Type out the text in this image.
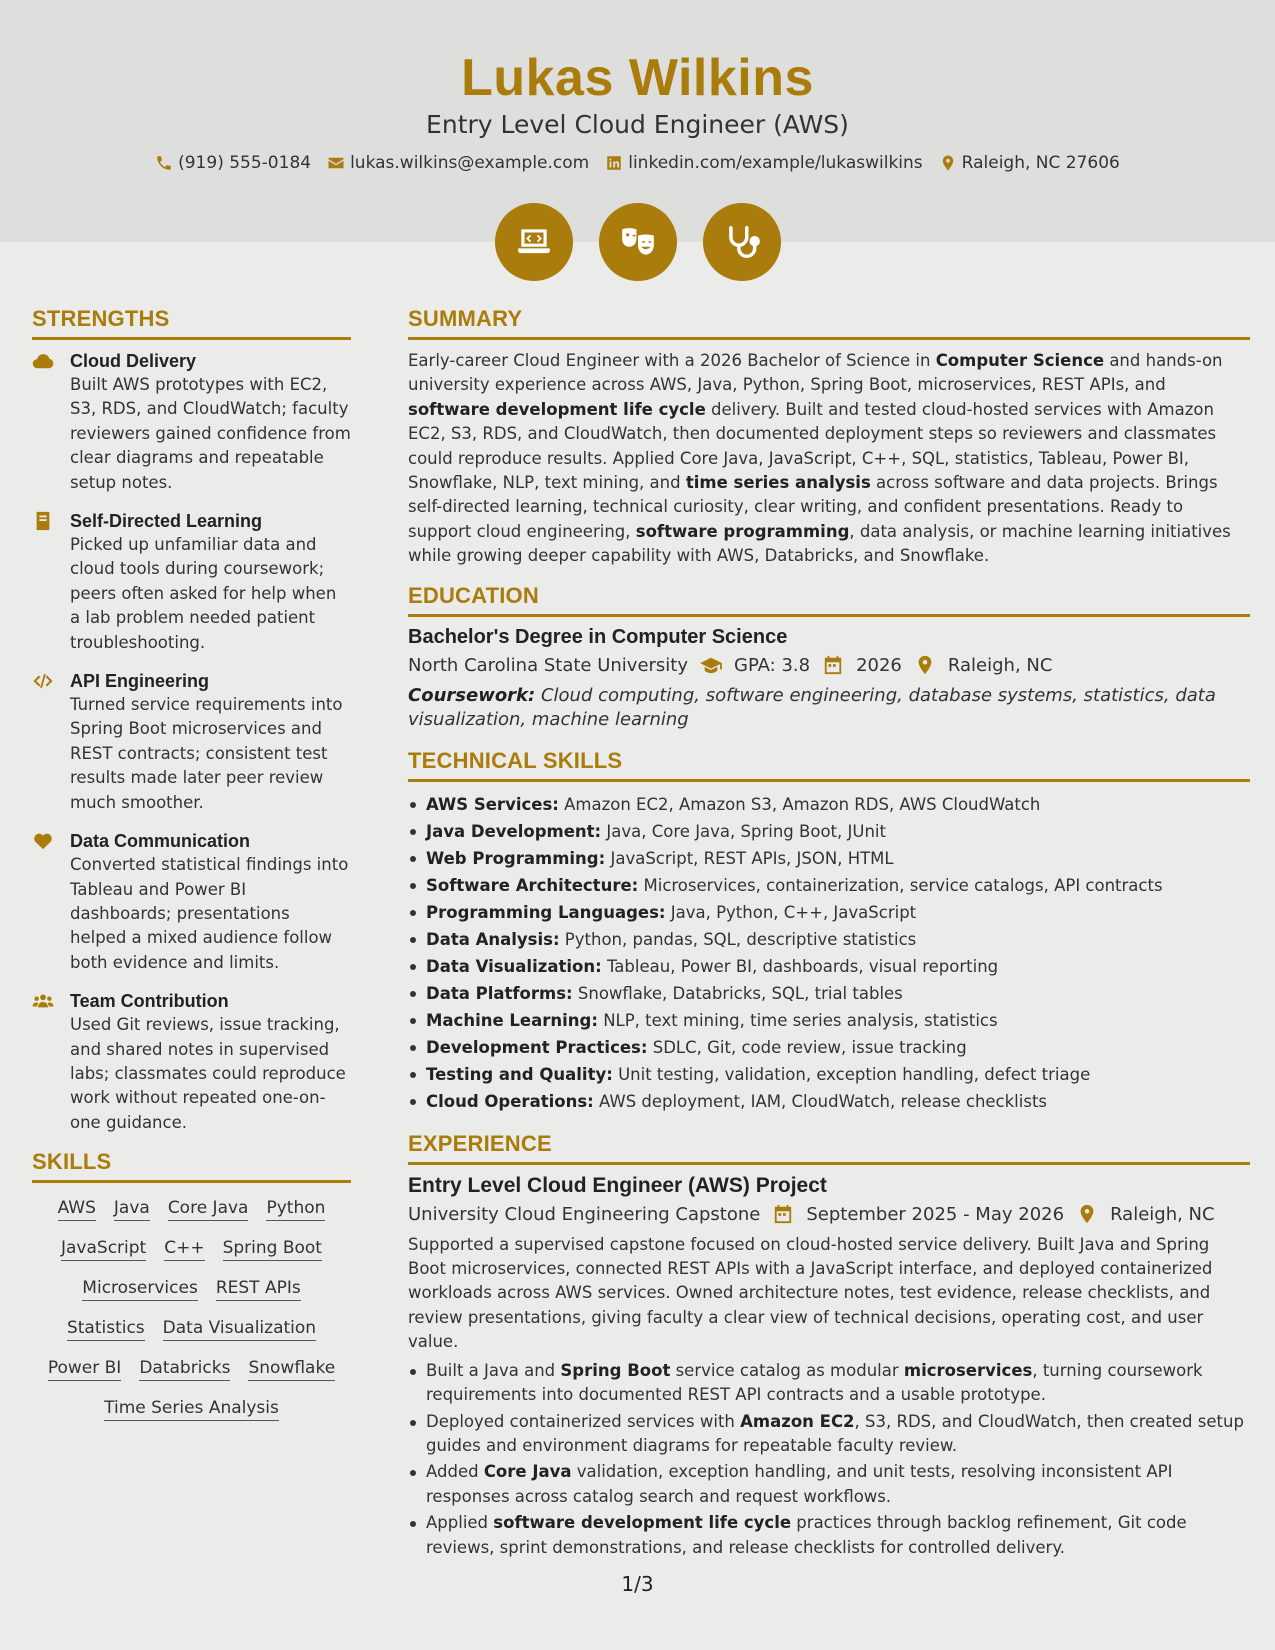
Lukas Wilkins
Entry Level Cloud Engineer (AWS)
(919) 555-0184 lukas.wilkins@example.com linkedin.com/example/lukaswilkins Raleigh, NC 27606
STRENGTHS
Cloud Delivery
Built AWS prototypes with EC2, S3, RDS, and CloudWatch; faculty reviewers gained confidence from clear diagrams and repeatable setup notes.
Self-Directed Learning
Picked up unfamiliar data and cloud tools during coursework; peers often asked for help when a lab problem needed patient troubleshooting.
API Engineering
Turned service requirements into Spring Boot microservices and REST contracts; consistent test results made later peer review much smoother.
Data Communication
Converted statistical findings into Tableau and Power BI dashboards; presentations helped a mixed audience follow both evidence and limits.
Team Contribution
Used Git reviews, issue tracking, and shared notes in supervised labs; classmates could reproduce work without repeated one-on-one guidance.
SKILLS
AWS Java Core Java Python
JavaScript C++ Spring Boot
Microservices REST APIs
Statistics Data Visualization
Power BI Databricks Snowflake
Time Series Analysis
SUMMARY
Early-career Cloud Engineer with a 2026 Bachelor of Science in Computer Science and hands-on university experience across AWS, Java, Python, Spring Boot, microservices, REST APIs, and software development life cycle delivery. Built and tested cloud-hosted services with Amazon EC2, S3, RDS, and CloudWatch, then documented deployment steps so reviewers and classmates could reproduce results. Applied Core Java, JavaScript, C++, SQL, statistics, Tableau, Power BI, Snowflake, NLP, text mining, and time series analysis across software and data projects. Brings self-directed learning, technical curiosity, clear writing, and confident presentations. Ready to support cloud engineering, software programming, data analysis, or machine learning initiatives while growing deeper capability with AWS, Databricks, and Snowflake.
EDUCATION
Bachelor's Degree in Computer Science
North Carolina State University	GPA: 3.8	2026	Raleigh, NC
Coursework: Cloud computing, software engineering, database systems, statistics, data visualization, machine learning
TECHNICAL SKILLS
AWS Services: Amazon EC2, Amazon S3, Amazon RDS, AWS CloudWatch
Java Development: Java, Core Java, Spring Boot, JUnit
Web Programming: JavaScript, REST APIs, JSON, HTML
Software Architecture: Microservices, containerization, service catalogs, API contracts
Programming Languages: Java, Python, C++, JavaScript
Data Analysis: Python, pandas, SQL, descriptive statistics
Data Visualization: Tableau, Power BI, dashboards, visual reporting
Data Platforms: Snowflake, Databricks, SQL, trial tables
Machine Learning: NLP, text mining, time series analysis, statistics
Development Practices: SDLC, Git, code review, issue tracking
Testing and Quality: Unit testing, validation, exception handling, defect triage
Cloud Operations: AWS deployment, IAM, CloudWatch, release checklists
EXPERIENCE
Entry Level Cloud Engineer (AWS) Project
University Cloud Engineering Capstone	September 2025 - May 2026	Raleigh, NC
Supported a supervised capstone focused on cloud-hosted service delivery. Built Java and Spring Boot microservices, connected REST APIs with a JavaScript interface, and deployed containerized workloads across AWS services. Owned architecture notes, test evidence, release checklists, and review presentations, giving faculty a clear view of technical decisions, operating cost, and user value.
Built a Java and Spring Boot service catalog as modular microservices, turning coursework requirements into documented REST API contracts and a usable prototype.
Deployed containerized services with Amazon EC2, S3, RDS, and CloudWatch, then created setup guides and environment diagrams for repeatable faculty review.
Added Core Java validation, exception handling, and unit tests, resolving inconsistent API responses across catalog search and request workflows.
Applied software development life cycle practices through backlog refinement, Git code reviews, sprint demonstrations, and release checklists for controlled delivery.
1/3
